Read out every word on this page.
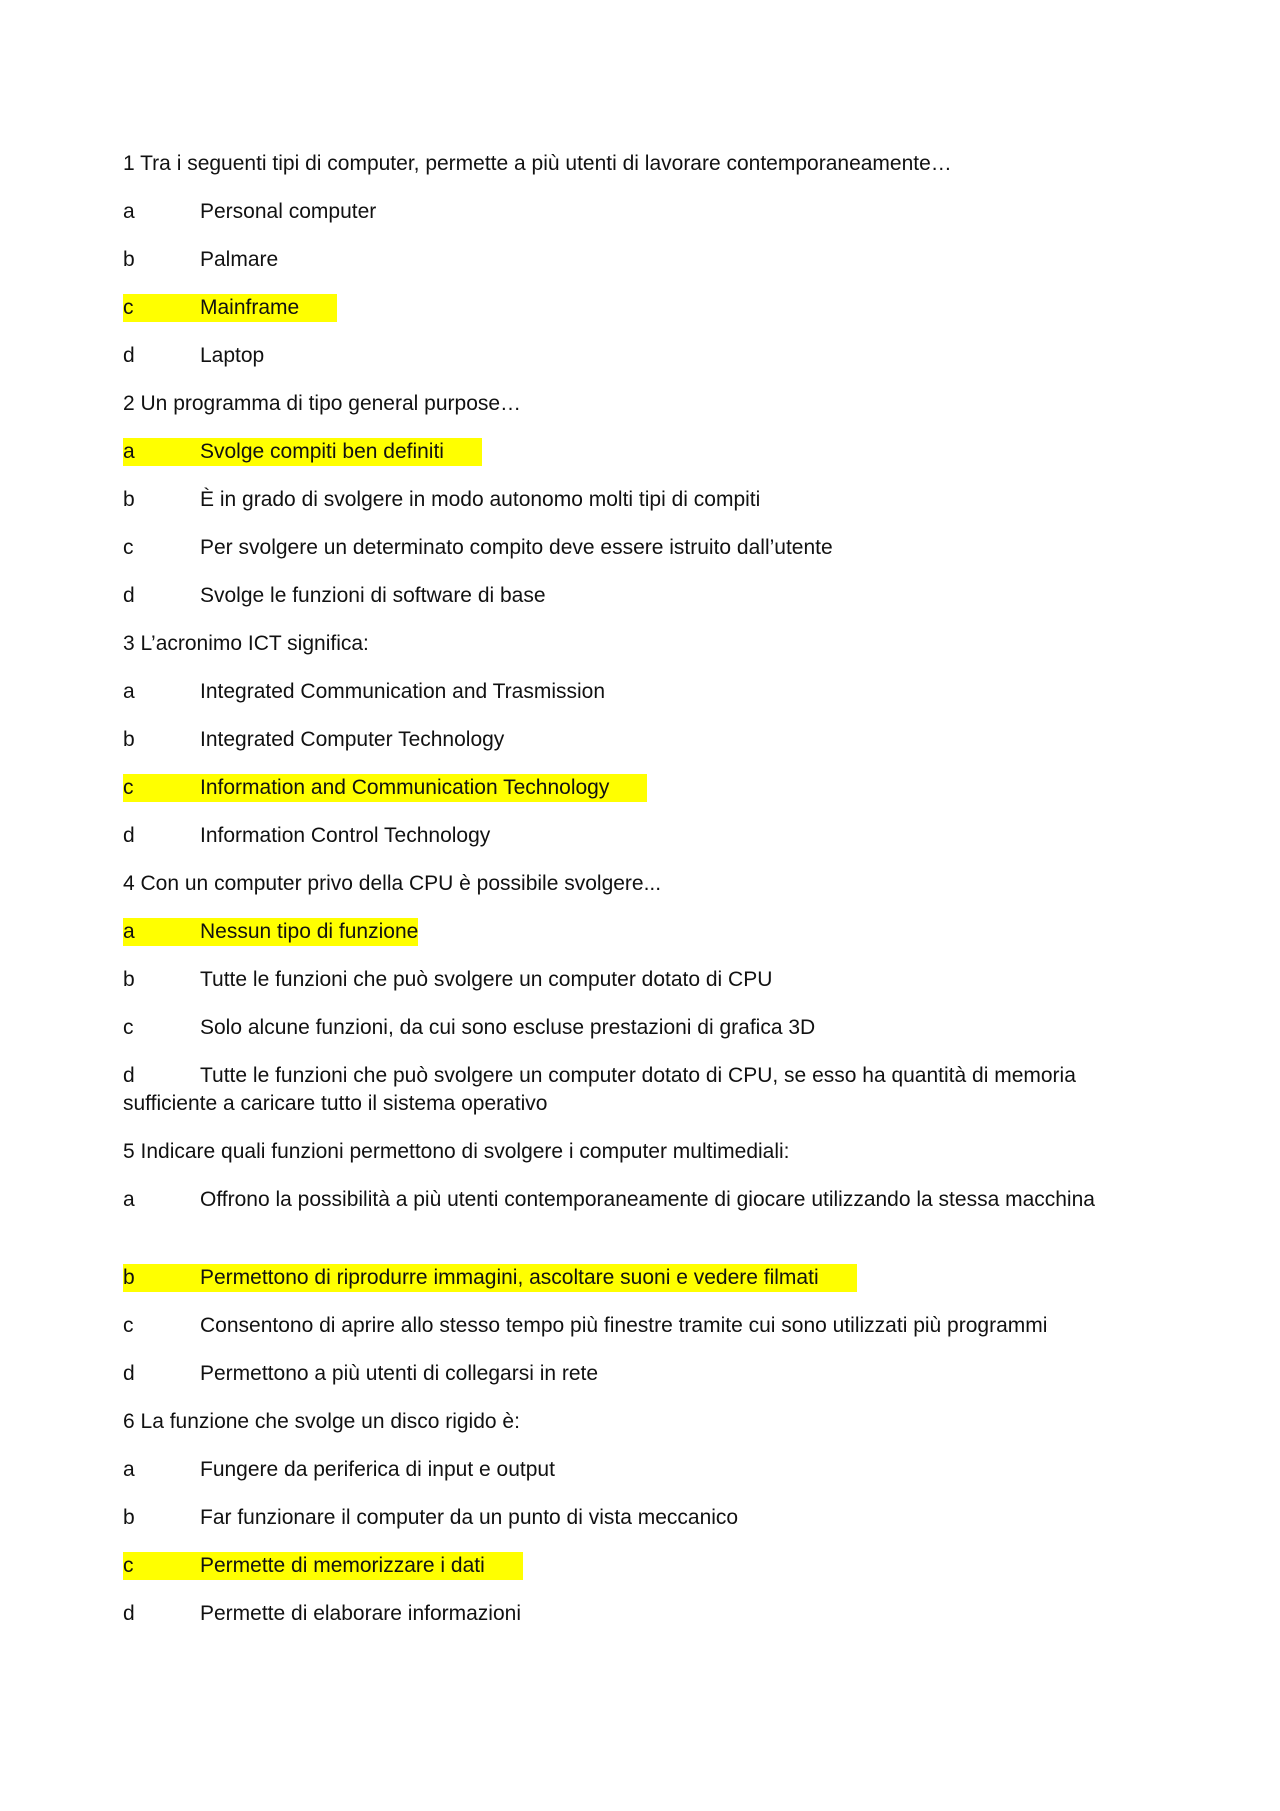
1 Tra i seguenti tipi di computer, permette a più utenti di lavorare contemporaneamente…
a	Personal computer
b	Palmare
c	Mainframe
d	Laptop
2 Un programma di tipo general purpose…
a	Svolge compiti ben definiti
b	È in grado di svolgere in modo autonomo molti tipi di compiti
c	Per svolgere un determinato compito deve essere istruito dall’utente
d	Svolge le funzioni di software di base
3 L’acronimo ICT significa:
a	Integrated Communication and Trasmission
b	Integrated Computer Technology
c	Information and Communication Technology
d	Information Control Technology
4 Con un computer privo della CPU è possibile svolgere...
a	Nessun tipo di funzione
b	Tutte le funzioni che può svolgere un computer dotato di CPU
c	Solo alcune funzioni, da cui sono escluse prestazioni di grafica 3D
d	Tutte le funzioni che può svolgere un computer dotato di CPU, se esso ha quantità di memoria sufficiente a caricare tutto il sistema operativo
5 Indicare quali funzioni permettono di svolgere i computer multimediali:
a	Offrono la possibilità a più utenti contemporaneamente di giocare utilizzando la stessa macchina
b	Permettono di riprodurre immagini, ascoltare suoni e vedere filmati
c	Consentono di aprire allo stesso tempo più finestre tramite cui sono utilizzati più programmi
d	Permettono a più utenti di collegarsi in rete
6 La funzione che svolge un disco rigido è:
a	Fungere da periferica di input e output
b	Far funzionare il computer da un punto di vista meccanico
c	Permette di memorizzare i dati
d	Permette di elaborare informazioni
